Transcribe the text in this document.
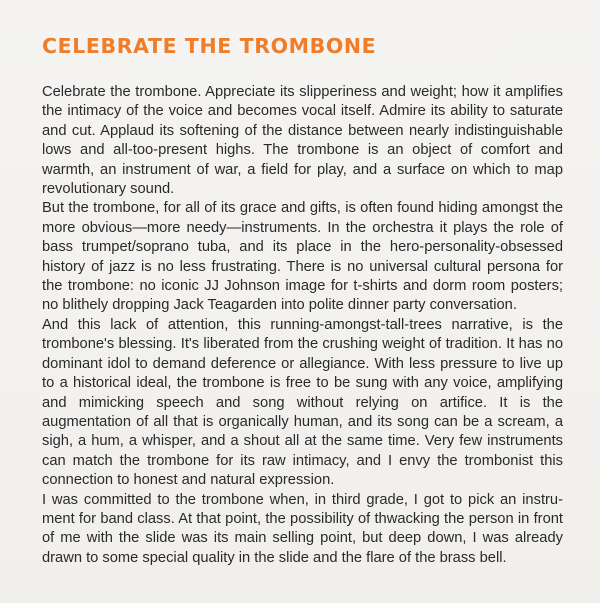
CELEBRATE THE TROMBONE

Celebrate the trombone. Appreciate its slipperiness and weight; how it amplifies the intimacy of the voice and becomes vocal itself. Admire its ability to saturate and cut. Applaud its softening of the distance between nearly indistinguishable lows and all-too-present highs. The trombone is an object of comfort and warmth, an instrument of war, a field for play, and a surface on which to map revolutionary sound.

But the trombone, for all of its grace and gifts, is often found hiding amongst the more obvious—more needy—instruments. In the orchestra it plays the role of bass trumpet/soprano tuba, and its place in the hero-personality-obsessed history of jazz is no less frustrating. There is no universal cultural persona for the trombone: no iconic JJ Johnson image for t-shirts and dorm room posters; no blithely dropping Jack Teagarden into polite dinner party conversation.

And this lack of attention, this running-amongst-tall-trees narrative, is the trombone's blessing. It's liberated from the crushing weight of tradition. It has no dominant idol to demand deference or allegiance. With less pressure to live up to a historical ideal, the trombone is free to be sung with any voice, amplifying and mimicking speech and song without relying on artifice. It is the augmentation of all that is organically human, and its song can be a scream, a sigh, a hum, a whisper, and a shout all at the same time. Very few instruments can match the trombone for its raw intimacy, and I envy the trombonist this connection to honest and natural expression.

I was committed to the trombone when, in third grade, I got to pick an instrument for band class. At that point, the possibility of thwacking the person in front of me with the slide was its main selling point, but deep down, I was already drawn to some special quality in the slide and the flare of the brass bell.
